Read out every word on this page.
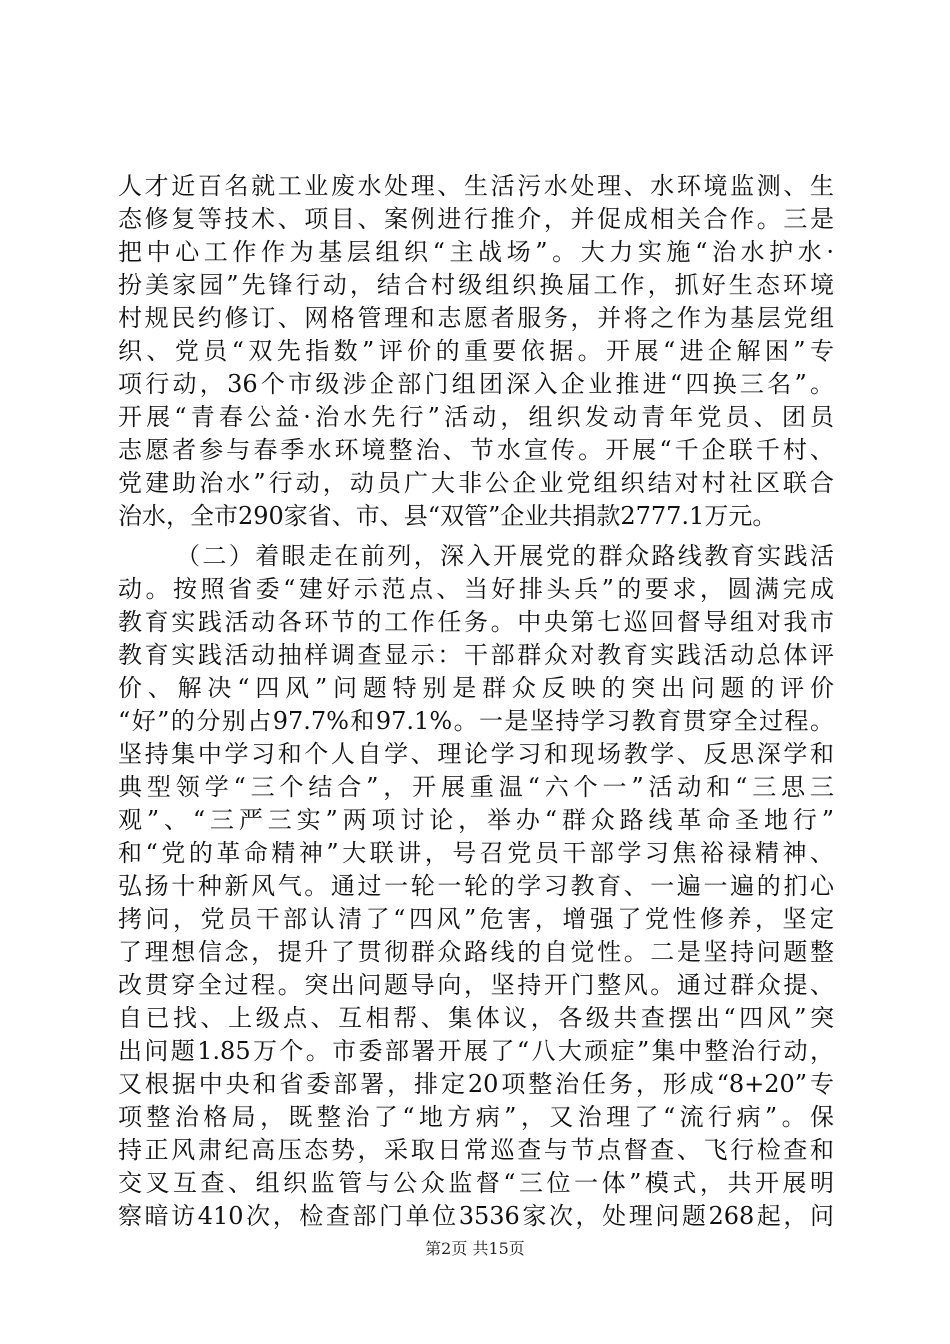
人才近百名就工业废水处理、生活污水处理、水环境监测、生
态修复等技术、项目、案例进行推介，并促成相关合作。三是
把中心工作作为基层组织“主战场”。大力实施“治水护水·
扮美家园”先锋行动，结合村级组织换届工作，抓好生态环境
村规民约修订、网格管理和志愿者服务，并将之作为基层党组
织、党员“双先指数”评价的重要依据。开展“进企解困”专
项行动，36个市级涉企部门组团深入企业推进“四换三名”。
开展“青春公益·治水先行”活动，组织发动青年党员、团员
志愿者参与春季水环境整治、节水宣传。开展“千企联千村、
党建助治水”行动，动员广大非公企业党组织结对村社区联合
治水，全市290家省、市、县“双管”企业共捐款2777.1万元。
（二）着眼走在前列，深入开展党的群众路线教育实践活
动。按照省委“建好示范点、当好排头兵”的要求，圆满完成
教育实践活动各环节的工作任务。中央第七巡回督导组对我市
教育实践活动抽样调查显示：干部群众对教育实践活动总体评
价、解决“四风”问题特别是群众反映的突出问题的评价
“好”的分别占97.7%和97.1%。一是坚持学习教育贯穿全过程。
坚持集中学习和个人自学、理论学习和现场教学、反思深学和
典型领学“三个结合”，开展重温“六个一”活动和“三思三
观”、“三严三实”两项讨论，举办“群众路线革命圣地行”
和“党的革命精神”大联讲，号召党员干部学习焦裕禄精神、
弘扬十种新风气。通过一轮一轮的学习教育、一遍一遍的扪心
拷问，党员干部认清了“四风”危害，增强了党性修养，坚定
了理想信念，提升了贯彻群众路线的自觉性。二是坚持问题整
改贯穿全过程。突出问题导向，坚持开门整风。通过群众提、
自已找、上级点、互相帮、集体议，各级共查摆出“四风”突
出问题1.85万个。市委部署开展了“八大顽症”集中整治行动，
又根据中央和省委部署，排定20项整治任务，形成“8+20”专
项整治格局，既整治了“地方病”，又治理了“流行病”。保
持正风肃纪高压态势，采取日常巡查与节点督查、飞行检查和
交叉互查、组织监管与公众监督“三位一体”模式，共开展明
察暗访410次，检查部门单位3536家次，处理问题268起，问
第2页 共15页
